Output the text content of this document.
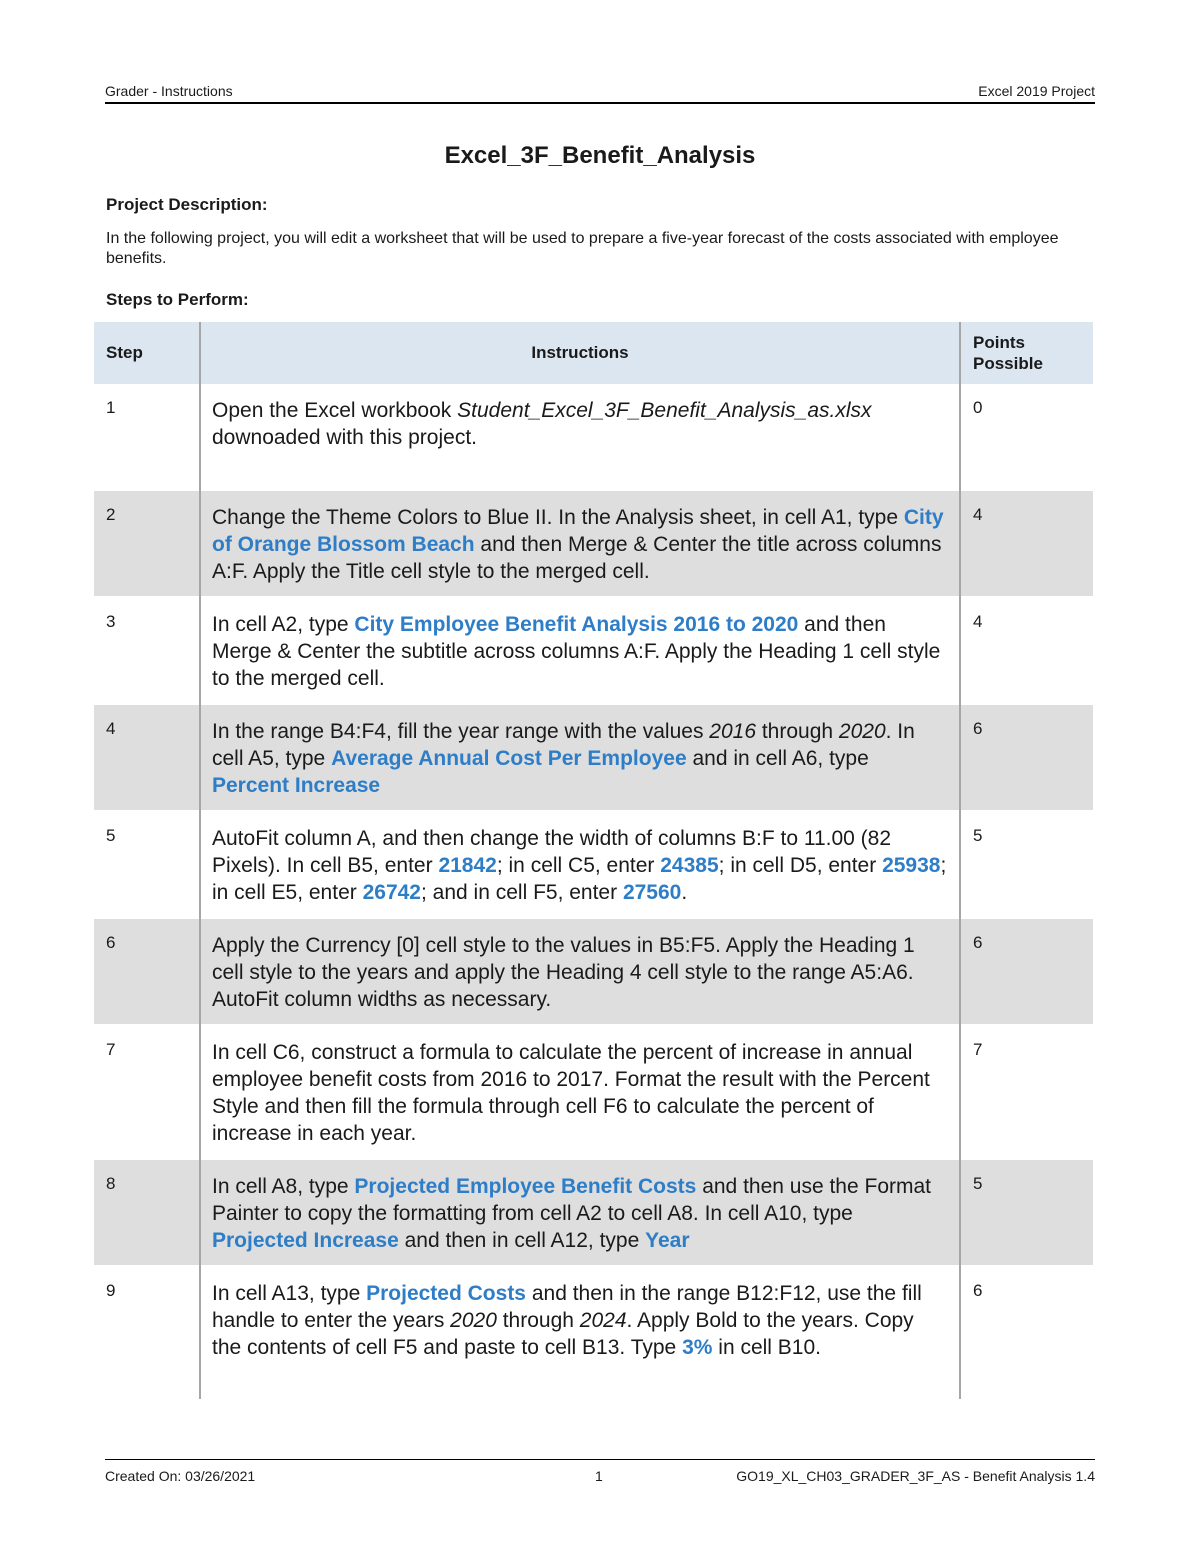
Grader - Instructions	Excel 2019 Project
Excel_3F_Benefit_Analysis
Project Description:
In the following project, you will edit a worksheet that will be used to prepare a five-year forecast of the costs associated with employee benefits.
Steps to Perform:
Step	Instructions	Points Possible
1	Open the Excel workbook Student_Excel_3F_Benefit_Analysis_as.xlsx downoaded with this project.	0

2	Change the Theme Colors to Blue II. In the Analysis sheet, in cell A1, type City of Orange Blossom Beach and then Merge & Center the title across columns A:F. Apply the Title cell style to the merged cell.	4

3	In cell A2, type City Employee Benefit Analysis 2016 to 2020 and then Merge & Center the subtitle across columns A:F. Apply the Heading 1 cell style to the merged cell.	4

4	In the range B4:F4, fill the year range with the values 2016 through 2020. In cell A5, type Average Annual Cost Per Employee and in cell A6, type Percent Increase	6

5	AutoFit column A, and then change the width of columns B:F to 11.00 (82 Pixels). In cell B5, enter 21842; in cell C5, enter 24385; in cell D5, enter 25938; in cell E5, enter 26742; and in cell F5, enter 27560.	5

6	Apply the Currency [0] cell style to the values in B5:F5. Apply the Heading 1 cell style to the years and apply the Heading 4 cell style to the range A5:A6. AutoFit column widths as necessary.	6

7	In cell C6, construct a formula to calculate the percent of increase in annual employee benefit costs from 2016 to 2017. Format the result with the Percent Style and then fill the formula through cell F6 to calculate the percent of increase in each year.	7

8	In cell A8, type Projected Employee Benefit Costs and then use the Format Painter to copy the formatting from cell A2 to cell A8. In cell A10, type Projected Increase and then in cell A12, type Year	5

9	In cell A13, type Projected Costs and then in the range B12:F12, use the fill handle to enter the years 2020 through 2024. Apply Bold to the years. Copy the contents of cell F5 and paste to cell B13. Type 3% in cell B10.	6
Created On: 03/26/2021	1	GO19_XL_CH03_GRADER_3F_AS - Benefit Analysis 1.4
